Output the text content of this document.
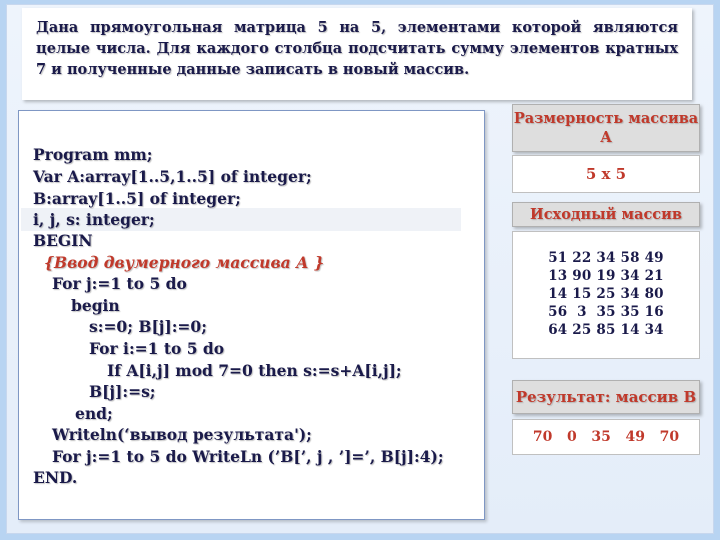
Дана прямоугольная матрица 5 на 5, элементами которой являются целые числа. Для каждого столбца подсчитать сумму элементов кратных 7 и полученные данные записать в новый массив.
Program mm;
Var A:array[1..5,1..5] of integer;
B:array[1..5] of integer;
i, j, s: integer;
BEGIN
{Ввод двумерного массива А }
For j:=1 to 5 do
begin
s:=0; B[j]:=0;
For i:=1 to 5 do
If A[i,j] mod 7=0 then s:=s+A[i,j];
B[j]:=s;
end;
Writeln(‘вывод результата');
For j:=1 to 5 do WriteLn (’B[’, j , ’]=’, B[j]:4);
END.
Размерность массива А
5 x 5
Исходный массив
51 22 34 58 49
13 90 19 34 21
14 15 25 34 80
56  3  35 35 16
64 25 85 14 34
Результат: массив В
70   0   35   49   70
